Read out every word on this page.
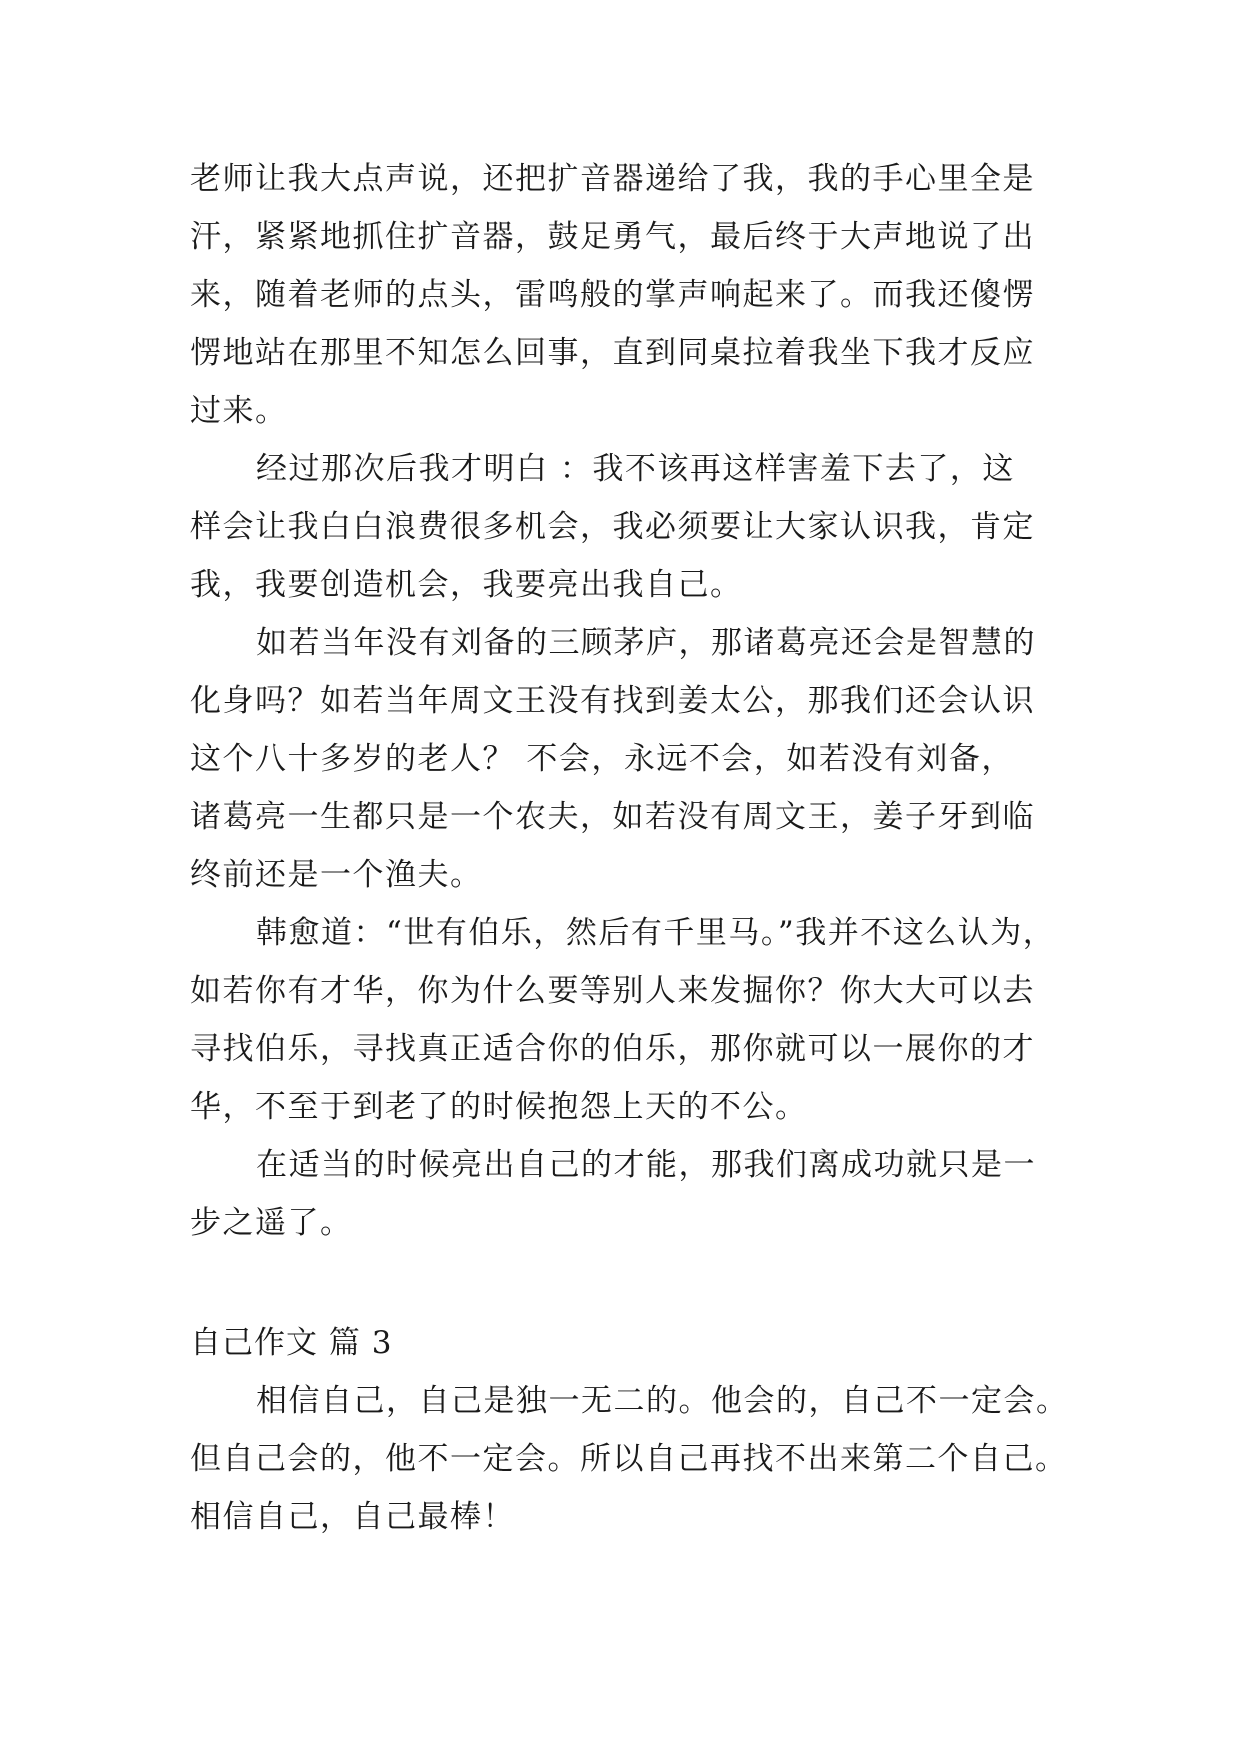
老师让我大点声说，还把扩音器递给了我，我的手心里全是
汗，紧紧地抓住扩音器，鼓足勇气，最后终于大声地说了出
来，随着老师的点头，雷鸣般的掌声响起来了。而我还傻愣
愣地站在那里不知怎么回事，直到同桌拉着我坐下我才反应
过来。
经过那次后我才明白 ：我不该再这样害羞下去了，这
样会让我白白浪费很多机会，我必须要让大家认识我，肯定
我，我要创造机会，我要亮出我自己。
如若当年没有刘备的三顾茅庐，那诸葛亮还会是智慧的
化身吗？如若当年周文王没有找到姜太公，那我们还会认识
这个八十多岁的老人？ 不会，永远不会，如若没有刘备，
诸葛亮一生都只是一个农夫，如若没有周文王，姜子牙到临
终前还是一个渔夫。
韩愈道：“世有伯乐，然后有千里马。”我并不这么认为，
如若你有才华，你为什么要等别人来发掘你？你大大可以去
寻找伯乐，寻找真正适合你的伯乐，那你就可以一展你的才
华，不至于到老了的时候抱怨上天的不公。
在适当的时候亮出自己的才能，那我们离成功就只是一
步之遥了。
自己作文 篇 3
相信自己，自己是独一无二的。他会的，自己不一定会。
但自己会的，他不一定会。所以自己再找不出来第二个自己。
相信自己，自己最棒！
